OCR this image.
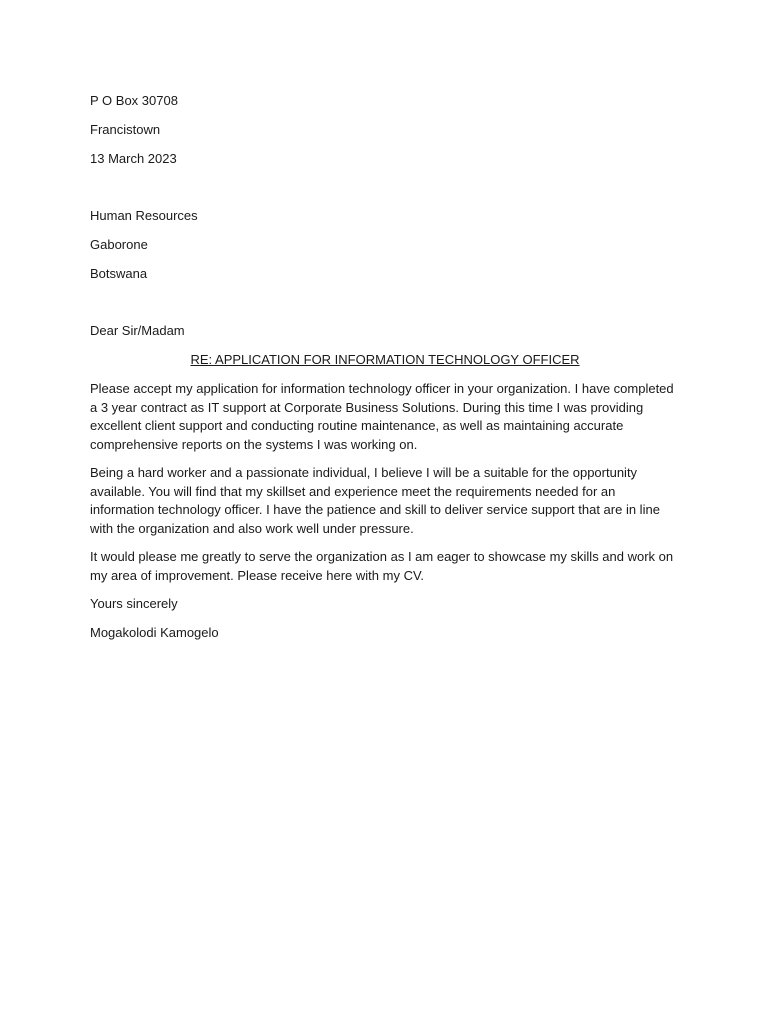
P O Box 30708
Francistown
13 March 2023
Human Resources
Gaborone
Botswana
Dear Sir/Madam
RE: APPLICATION FOR INFORMATION TECHNOLOGY OFFICER

Please accept my application for information technology officer in your organization. I have completed a 3 year contract as IT support at Corporate Business Solutions. During this time I was providing excellent client support and conducting routine maintenance, as well as maintaining accurate comprehensive reports on the systems I was working on.

Being a hard worker and a passionate individual, I believe I will be a suitable for the opportunity available. You will find that my skillset and experience meet the requirements needed for an information technology officer. I have the patience and skill to deliver service support that are in line with the organization and also work well under pressure.

It would please me greatly to serve the organization as I am eager to showcase my skills and work on my area of improvement. Please receive here with my CV.

Yours sincerely
Mogakolodi Kamogelo
